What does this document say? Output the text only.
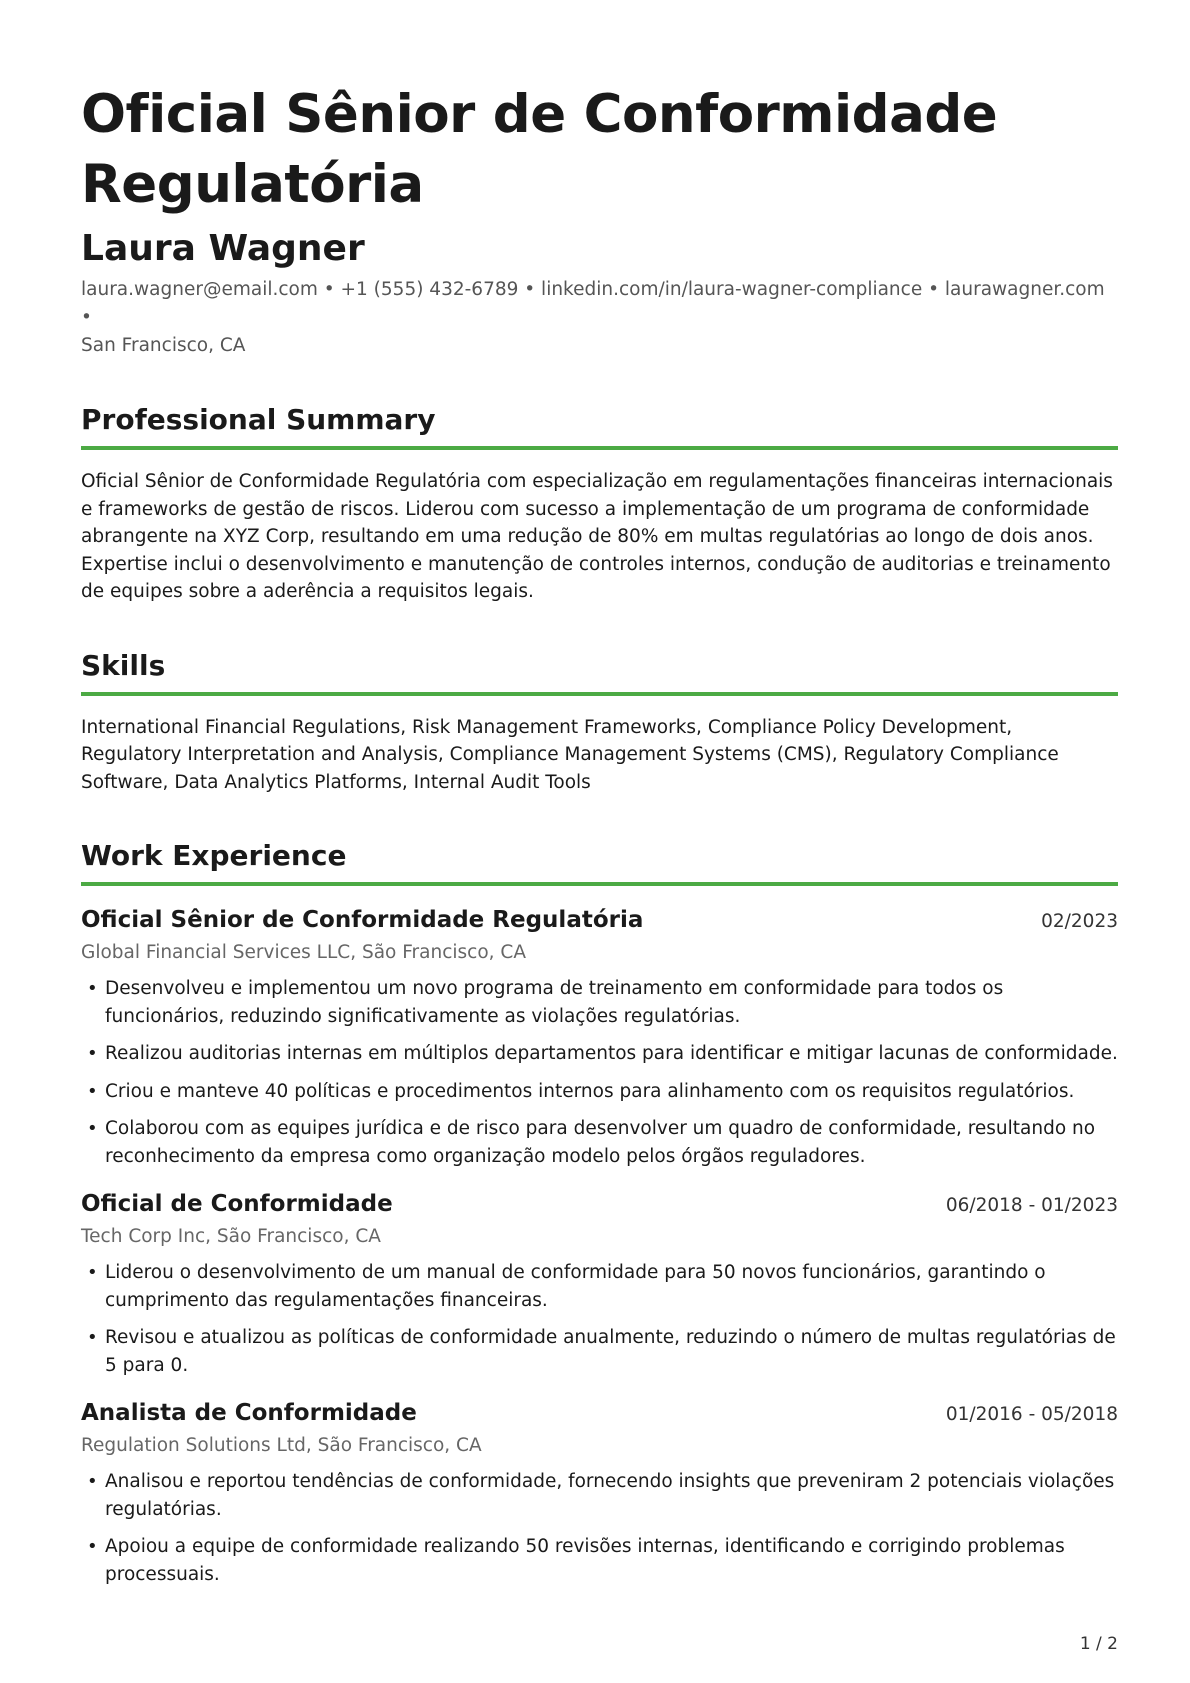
Oficial Sênior de Conformidade
Regulatória
Laura Wagner

laura.wagner@email.com • +1 (555) 432-6789 • linkedin.com/in/laura-wagner-compliance • laurawagner.com •
San Francisco, CA

Professional Summary

Oficial Sênior de Conformidade Regulatória com especialização em regulamentações financeiras internacionais e frameworks de gestão de riscos. Liderou com sucesso a implementação de um programa de conformidade abrangente na XYZ Corp, resultando em uma redução de 80% em multas regulatórias ao longo de dois anos. Expertise inclui o desenvolvimento e manutenção de controles internos, condução de auditorias e treinamento de equipes sobre a aderência a requisitos legais.

Skills

International Financial Regulations, Risk Management Frameworks, Compliance Policy Development, Regulatory Interpretation and Analysis, Compliance Management Systems (CMS), Regulatory Compliance Software, Data Analytics Platforms, Internal Audit Tools

Work Experience
Oficial Sênior de Conformidade Regulatória	02/2023
Global Financial Services LLC, São Francisco, CA
• Desenvolveu e implementou um novo programa de treinamento em conformidade para todos os funcionários, reduzindo significativamente as violações regulatórias.
• Realizou auditorias internas em múltiplos departamentos para identificar e mitigar lacunas de conformidade.
• Criou e manteve 40 políticas e procedimentos internos para alinhamento com os requisitos regulatórios.
• Colaborou com as equipes jurídica e de risco para desenvolver um quadro de conformidade, resultando no reconhecimento da empresa como organização modelo pelos órgãos reguladores.
Oficial de Conformidade	06/2018 - 01/2023
Tech Corp Inc, São Francisco, CA
• Liderou o desenvolvimento de um manual de conformidade para 50 novos funcionários, garantindo o cumprimento das regulamentações financeiras.
• Revisou e atualizou as políticas de conformidade anualmente, reduzindo o número de multas regulatórias de 5 para 0.
Analista de Conformidade	01/2016 - 05/2018
Regulation Solutions Ltd, São Francisco, CA
• Analisou e reportou tendências de conformidade, fornecendo insights que preveniram 2 potenciais violações regulatórias.
• Apoiou a equipe de conformidade realizando 50 revisões internas, identificando e corrigindo problemas processuais.
1 / 2
